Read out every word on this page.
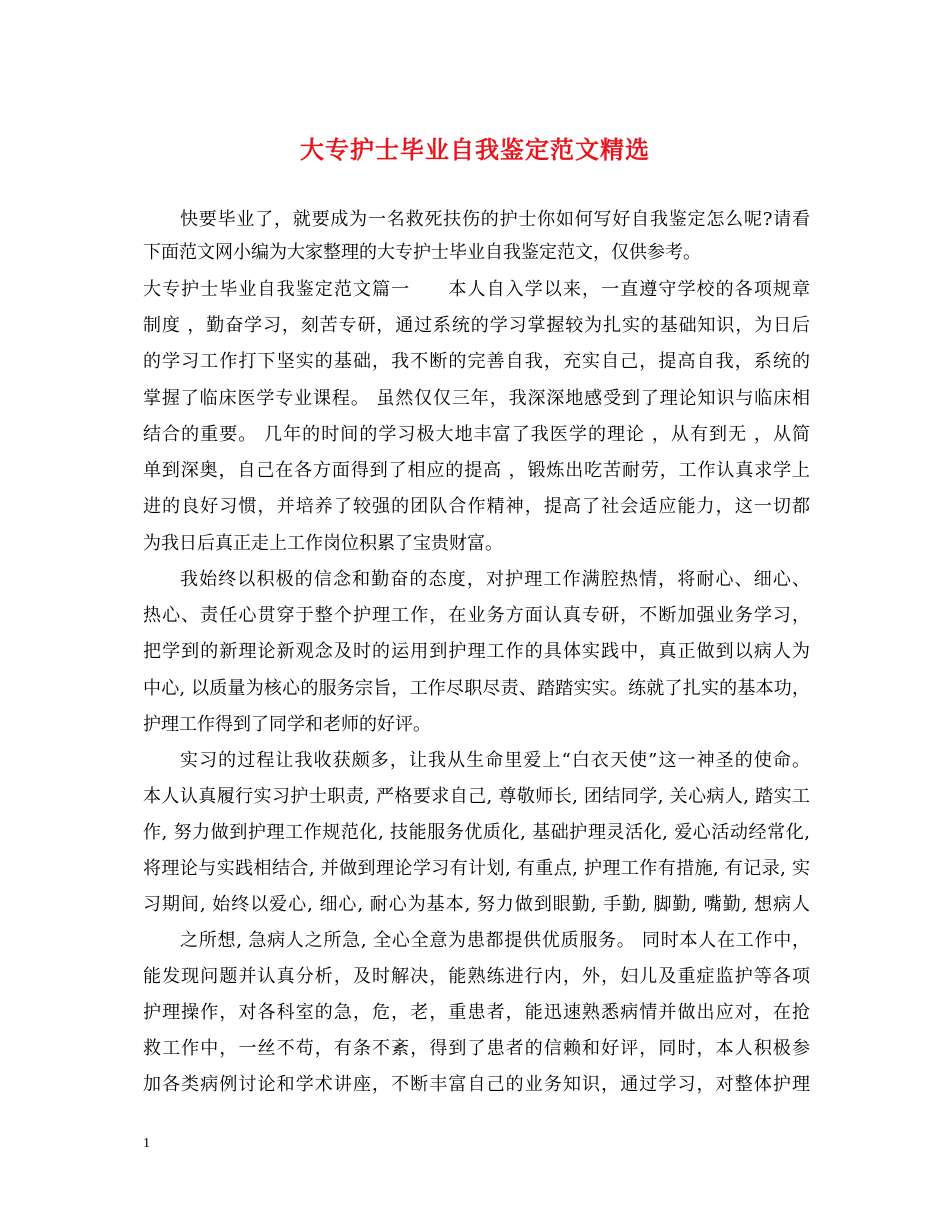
大专护士毕业自我鉴定范文精选
快要毕业了，就要成为一名救死扶伤的护士你如何写好自我鉴定怎么呢?请看
下面范文网小编为大家整理的大专护士毕业自我鉴定范文，仅供参考。
大专护士毕业自我鉴定范文篇一　　本人自入学以来，一直遵守学校的各项规章
制度 ，勤奋学习，刻苦专研，通过系统的学习掌握较为扎实的基础知识，为日后
的学习工作打下坚实的基础，我不断的完善自我，充实自己，提高自我，系统的
掌握了临床医学专业课程。 虽然仅仅三年，我深深地感受到了理论知识与临床相
结合的重要。 几年的时间的学习极大地丰富了我医学的理论 ，从有到无 ，从简
单到深奥，自己在各方面得到了相应的提高 ，锻炼出吃苦耐劳，工作认真求学上
进的良好习惯，并培养了较强的团队合作精神，提高了社会适应能力，这一切都
为我日后真正走上工作岗位积累了宝贵财富。
我始终以积极的信念和勤奋的态度，对护理工作满腔热情，将耐心、细心、
热心、责任心贯穿于整个护理工作，在业务方面认真专研，不断加强业务学习，
把学到的新理论新观念及时的运用到护理工作的具体实践中，真正做到以病人为
中心, 以质量为核心的服务宗旨，工作尽职尽责、踏踏实实。练就了扎实的基本功，
护理工作得到了同学和老师的好评。
实习的过程让我收获颇多，让我从生命里爱上“白衣天使”这一神圣的使命。
本人认真履行实习护士职责, 严格要求自己, 尊敬师长, 团结同学, 关心病人, 踏实工
作, 努力做到护理工作规范化, 技能服务优质化, 基础护理灵活化, 爱心活动经常化,
将理论与实践相结合, 并做到理论学习有计划, 有重点, 护理工作有措施, 有记录, 实
习期间, 始终以爱心, 细心, 耐心为基本, 努力做到眼勤, 手勤, 脚勤, 嘴勤, 想病人
之所想, 急病人之所急, 全心全意为患都提供优质服务。 同时本人在工作中，
能发现问题并认真分析，及时解决，能熟练进行内，外，妇儿及重症监护等各项
护理操作，对各科室的急，危，老，重患者，能迅速熟悉病情并做出应对，在抢
救工作中，一丝不苟，有条不紊，得到了患者的信赖和好评，同时，本人积极参
加各类病例讨论和学术讲座，不断丰富自己的业务知识，通过学习，对整体护理
1
